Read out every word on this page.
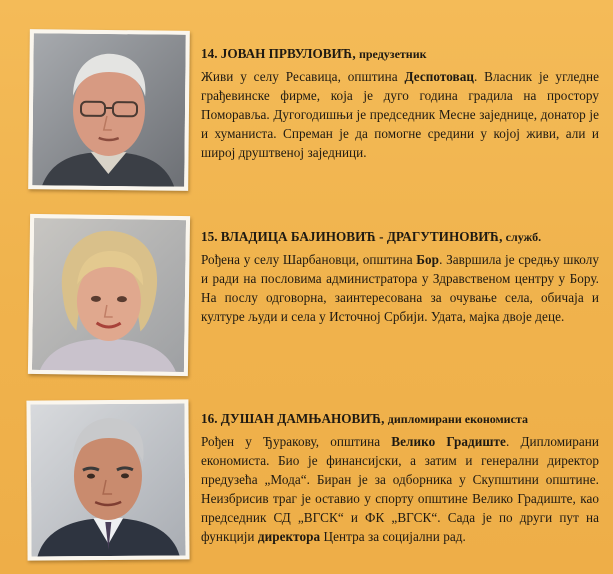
14. ЈОВАН ПРВУЛОВИЋ, предузетник

Живи у селу Ресавица, општина Деспотовац. Власник је угледне грађевинске фирме, која је дуго година градила на простору Поморавља. Дугогодишњи је председник Месне заједнице, донатор је и хуманиста. Спреман је да помогне средини у којој живи, али и широј друштвеној заједници.

15. ВЛАДИЦА БАЈИНОВИЋ - ДРАГУТИНОВИЋ, служб.

Рођена у селу Шарбановци, општина Бор. Завршила је средњу школу и ради на пословима администратора у Здравственом центру у Бору. На послу одговорна, заинтересована за очување села, обичаја и културе људи и села у Источној Србији. Удата, мајка двоје деце.

16. ДУШАН ДАМЊАНОВИЋ, дипломирани економиста

Рођен у Ђуракову, општина Велико Градиште. Дипломирани економиста. Био је финансијски, а затим и генерални директор предузећа „Мода“. Биран је за одборника у Скупштини општине. Неизбрисив траг је оставио у спорту општине Велико Градиште, као председник СД „ВГСК“ и ФК „ВГСК“. Сада је по други пут на функцији директора Центра за социјални рад.
